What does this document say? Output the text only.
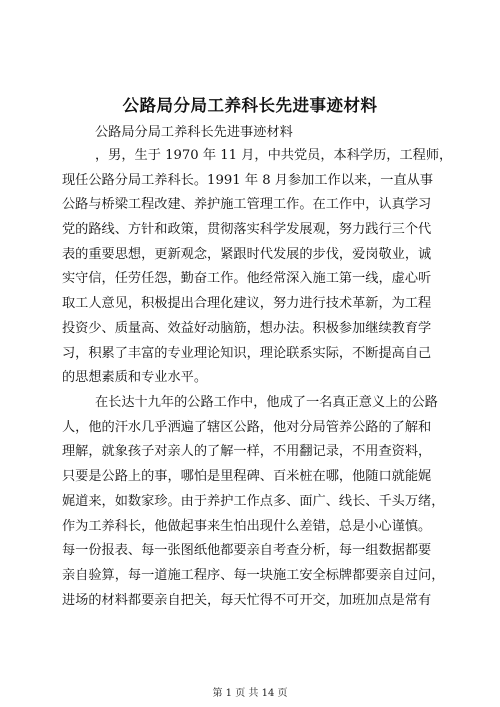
公路局分局工养科长先进事迹材料

公路局分局工养科长先进事迹材料

，男，生于 1970 年 11 月，中共党员，本科学历，工程师，

现任公路分局工养科长。1991 年 8 月参加工作以来，一直从事

公路与桥梁工程改建、养护施工管理工作。在工作中，认真学习

党的路线、方针和政策，贯彻落实科学发展观，努力践行三个代

表的重要思想，更新观念，紧跟时代发展的步伐，爱岗敬业，诚

实守信，任劳任怨，勤奋工作。他经常深入施工第一线，虚心听

取工人意见，积极提出合理化建议，努力进行技术革新，为工程

投资少、质量高、效益好动脑筋，想办法。积极参加继续教育学

习，积累了丰富的专业理论知识，理论联系实际，不断提高自己

的思想素质和专业水平。

在长达十九年的公路工作中，他成了一名真正意义上的公路

人，他的汗水几乎洒遍了辖区公路，他对分局管养公路的了解和

理解，就象孩子对亲人的了解一样，不用翻记录，不用查资料，

只要是公路上的事，哪怕是里程碑、百米桩在哪，他随口就能娓

娓道来，如数家珍。由于养护工作点多、面广、线长、千头万绪，

作为工养科长，他做起事来生怕出现什么差错，总是小心谨慎。

每一份报表、每一张图纸他都要亲自考查分析，每一组数据都要

亲自验算，每一道施工程序、每一块施工安全标牌都要亲自过问，

进场的材料都要亲自把关，每天忙得不可开交，加班加点是常有

第 1 页 共 14 页
